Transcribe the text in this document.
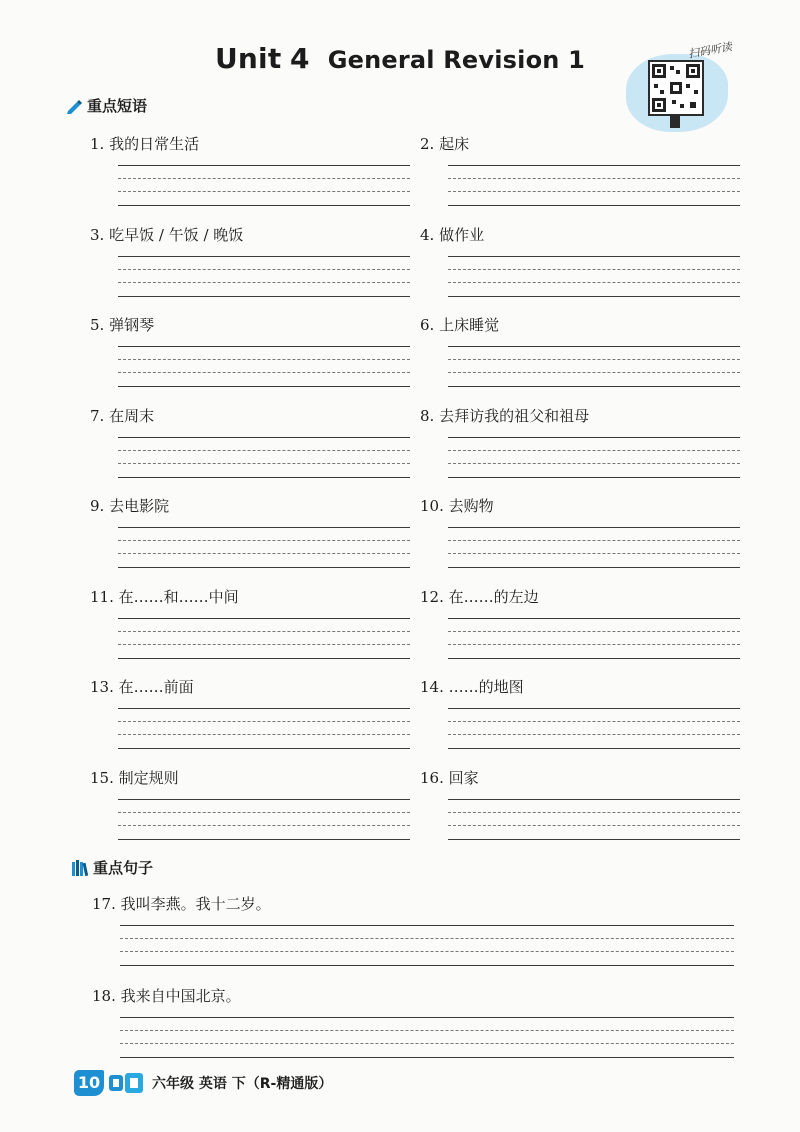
Unit 4 General Revision 1	扫码听读
重点短语
1. 我的日常生活	2. 起床
3. 吃早饭 / 午饭 / 晚饭	4. 做作业
5. 弹钢琴	6. 上床睡觉
7. 在周末	8. 去拜访我的祖父和祖母
9. 去电影院	10. 去购物
11. 在……和……中间	12. 在……的左边
13. 在……前面	14. ……的地图
15. 制定规则	16. 回家
重点句子
17. 我叫李燕。我十二岁。
18. 我来自中国北京。
10	六年级 英语 下（R-精通版）
